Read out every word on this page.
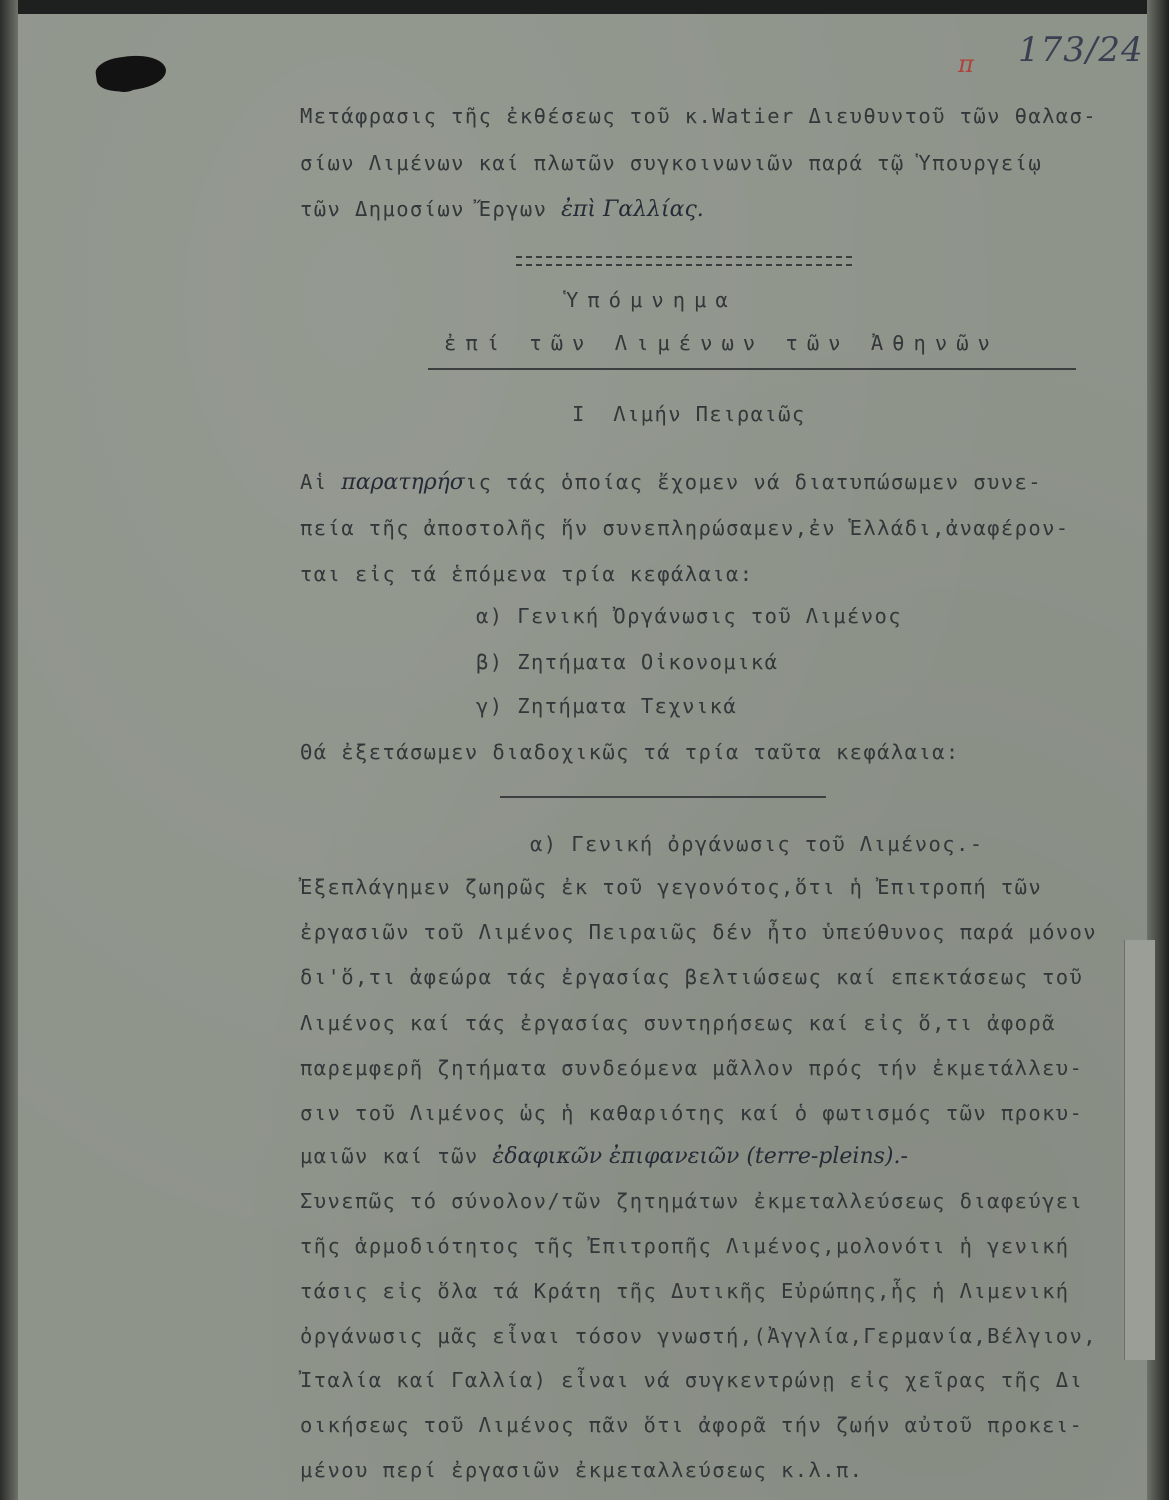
π	173/24
Μετάφρασις τῆς ἐκθέσεως τοῦ κ.Watier Διευθυντοῦ τῶν θαλασ-
σίων Λιμένων καί πλωτῶν συγκοινωνιῶν παρά τῷ Ὑπουργείῳ
τῶν Δημοσίων Ἔργων ἐπὶ Γαλλίας.
Ὑπόμνημα
ἐπί τῶν Λιμένων τῶν Ἀθηνῶν
Ι  Λιμήν Πειραιῶς
Αἱ παρατηρήσις τάς ὁποίας ἔχομεν νά διατυπώσωμεν συνε-
πεία τῆς ἀποστολῆς ἥν συνεπληρώσαμεν,ἐν Ἑλλάδι,ἀναφέρον-
ται εἰς τά ἑπόμενα τρία κεφάλαια:
α) Γενική Ὀργάνωσις τοῦ Λιμένος
β) Ζητήματα Οἰκονομικά
γ) Ζητήματα Τεχνικά
Θά ἐξετάσωμεν διαδοχικῶς τά τρία ταῦτα κεφάλαια:
α) Γενική ὀργάνωσις τοῦ Λιμένος.-
Ἐξεπλάγημεν ζωηρῶς ἐκ τοῦ γεγονότος,ὅτι ἡ Ἐπιτροπή τῶν
ἐργασιῶν τοῦ Λιμένος Πειραιῶς δέν ἦτο ὑπεύθυνος παρά μόνον
δι'ὅ,τι ἀφεώρα τάς ἐργασίας βελτιώσεως καί επεκτάσεως τοῦ
Λιμένος καί τάς ἐργασίας συντηρήσεως καί εἰς ὅ,τι ἀφορᾶ
παρεμφερῆ ζητήματα συνδεόμενα μᾶλλον πρός τήν ἐκμετάλλευ-
σιν τοῦ Λιμένος ὡς ἡ καθαριότης καί ὁ φωτισμός τῶν προκυ-
μαιῶν καί τῶν ἐδαφικῶν ἐπιφανειῶν (terre-pleins).-
Συνεπῶς τό σύνολον/τῶν ζητημάτων ἐκμεταλλεύσεως διαφεύγει
τῆς ἁρμοδιότητος τῆς Ἐπιτροπῆς Λιμένος,μολονότι ἡ γενική
τάσις εἰς ὅλα τά Κράτη τῆς Δυτικῆς Εὐρώπης,ἧς ἡ Λιμενική
ὀργάνωσις μᾶς εἶναι τόσον γνωστή,(Ἀγγλία,Γερμανία,Βέλγιον,
Ἰταλία καί Γαλλία) εἶναι νά συγκεντρώνῃ εἰς χεῖρας τῆς Δι
οικήσεως τοῦ Λιμένος πᾶν ὅτι ἀφορᾶ τήν ζωήν αὐτοῦ προκει-
μένου περί ἐργασιῶν ἐκμεταλλεύσεως κ.λ.π.
